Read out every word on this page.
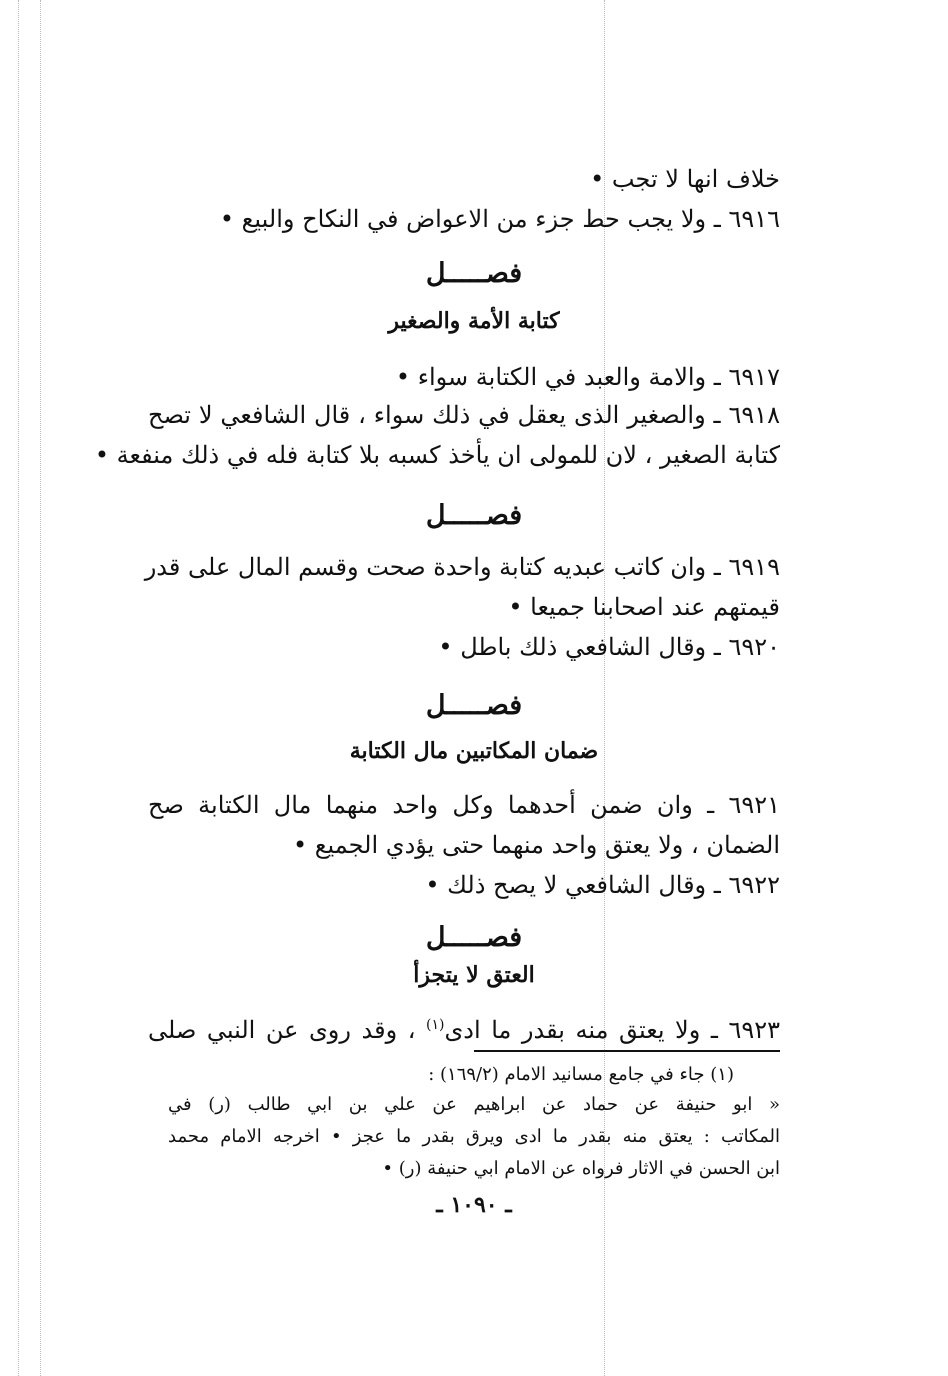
خلاف انها لا تجب •
٦٩١٦ ـ ولا يجب حط جزء من الاعواض في النكاح والبيع •
فصـــــل
كتابة الأمة والصغير
٦٩١٧ ـ والامة والعبد في الكتابة سواء •
٦٩١٨ ـ والصغير الذى يعقل في ذلك سواء ، قال الشافعي لا تصح
كتابة الصغير ، لان للمولى ان يأخذ كسبه بلا كتابة فله في ذلك منفعة •
فصـــــل
٦٩١٩ ـ وان كاتب عبديه كتابة واحدة صحت وقسم المال على قدر
قيمتهم عند اصحابنا جميعا •
٦٩٢٠ ـ وقال الشافعي ذلك باطل •
فصـــــل
ضمان المكاتبين مال الكتابة
٦٩٢١ ـ وان ضمن أحدهما وكل واحد منهما مال الكتابة صح
الضمان ، ولا يعتق واحد منهما حتى يؤدي الجميع •
٦٩٢٢ ـ وقال الشافعي لا يصح ذلك •
فصـــــل
العتق لا يتجزأ
٦٩٢٣ ـ ولا يعتق منه بقدر ما ادى$^{(١)}$ ، وقد روى عن النبي صلى
(١) جاء في جامع مسانيد الامام (١٦٩/٢) :
« ابو حنيفة عن حماد عن ابراهيم عن علي بن ابي طالب (ر) في
المكاتب : يعتق منه بقدر ما ادى ويرق بقدر ما عجز • اخرجه الامام محمد
ابن الحسن في الاثار فرواه عن الامام ابي حنيفة (ر) •
ـ ١٠٩٠ ـ
